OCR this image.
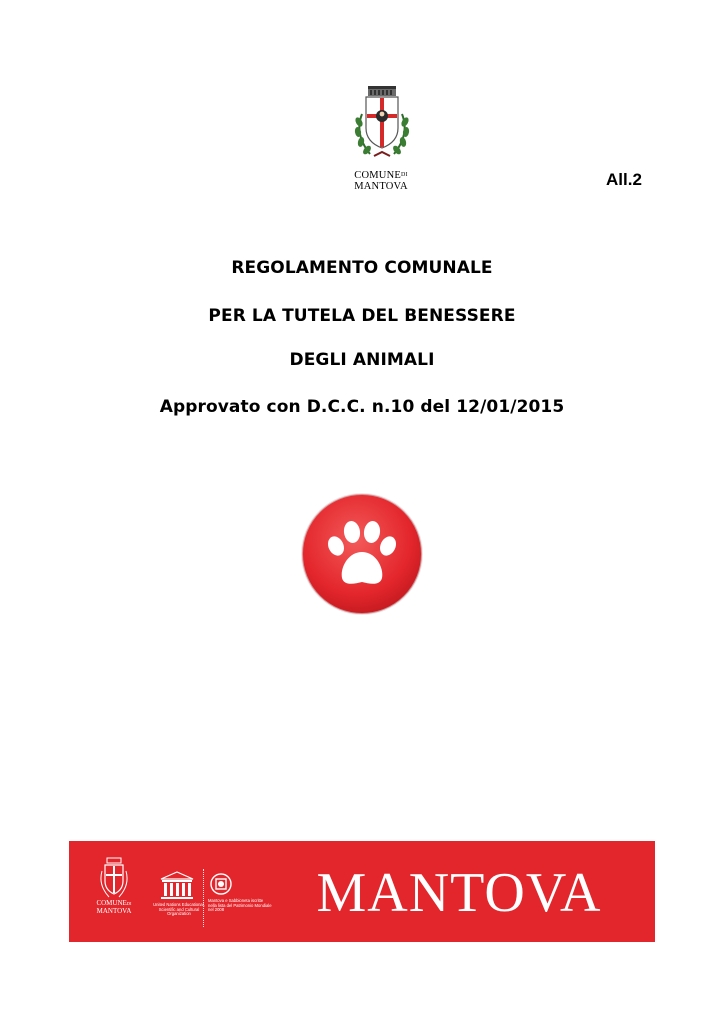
$COMUNE^{DI}$
MANTOVA	All.2
REGOLAMENTO COMUNALE
PER LA TUTELA DEL BENESSERE
DEGLI ANIMALI
Approvato con D.C.C. n.10 del 12/01/2015
$COMUNE^{DI}$
MANTOVA
United Nations Educational, Scientific and Cultural Organization
Mantova e Sabbioneta iscritte nella lista del Patrimonio Mondiale nel 2008	MANTOVA
